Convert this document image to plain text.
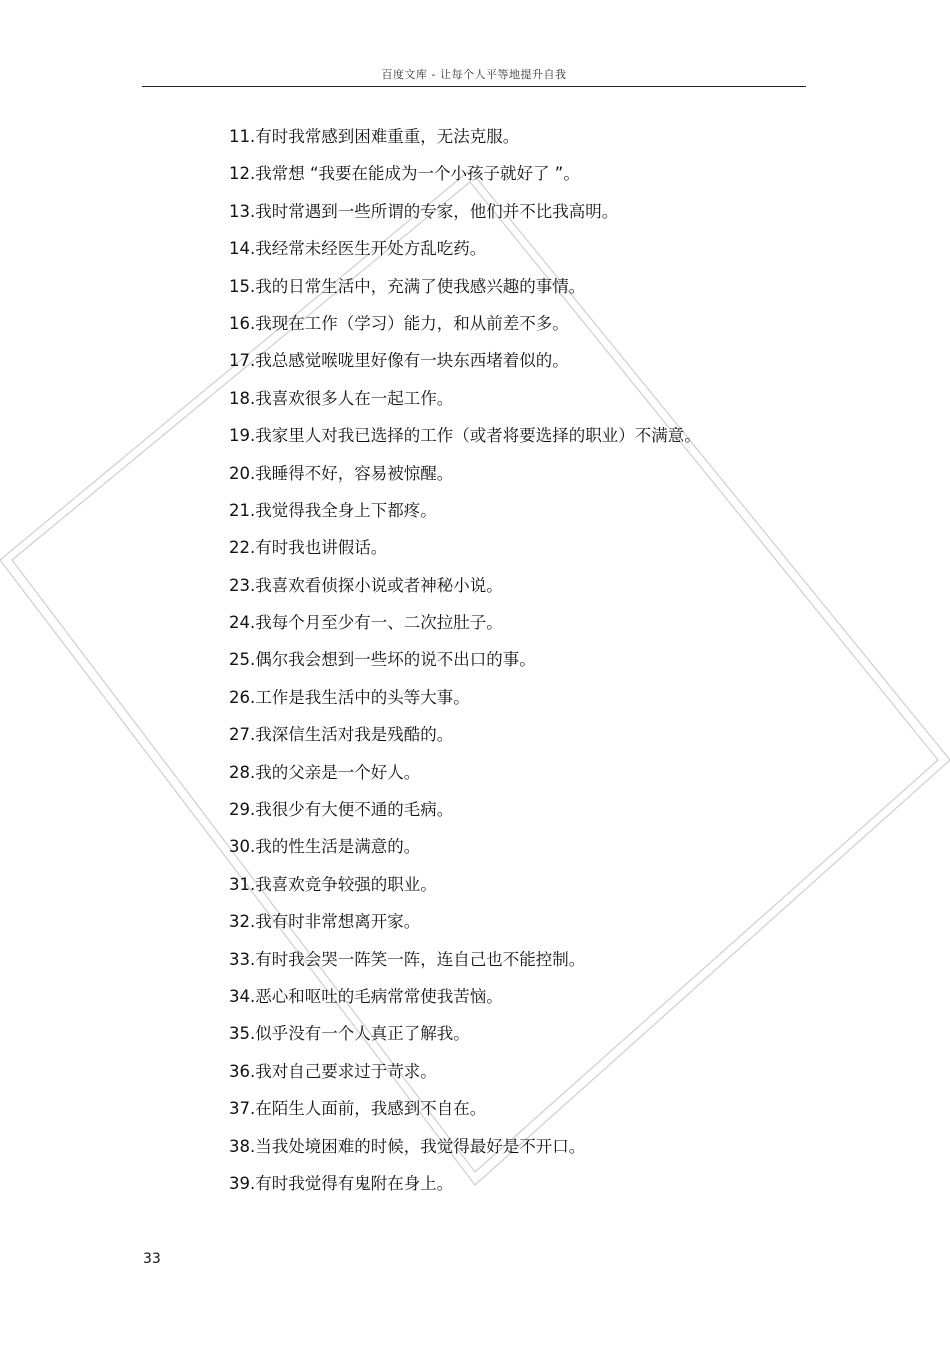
百度文库 - 让每个人平等地提升自我
11.有时我常感到困难重重，无法克服。
12.我常想 “我要在能成为一个小孩子就好了 ”。
13.我时常遇到一些所谓的专家，他们并不比我高明。
14.我经常未经医生开处方乱吃药。
15.我的日常生活中，充满了使我感兴趣的事情。
16.我现在工作（学习）能力，和从前差不多。
17.我总感觉喉咙里好像有一块东西堵着似的。
18.我喜欢很多人在一起工作。
19.我家里人对我已选择的工作（或者将要选择的职业）不满意。
20.我睡得不好，容易被惊醒。
21.我觉得我全身上下都疼。
22.有时我也讲假话。
23.我喜欢看侦探小说或者神秘小说。
24.我每个月至少有一、二次拉肚子。
25.偶尔我会想到一些坏的说不出口的事。
26.工作是我生活中的头等大事。
27.我深信生活对我是残酷的。
28.我的父亲是一个好人。
29.我很少有大便不通的毛病。
30.我的性生活是满意的。
31.我喜欢竞争较强的职业。
32.我有时非常想离开家。
33.有时我会哭一阵笑一阵，连自己也不能控制。
34.恶心和呕吐的毛病常常使我苦恼。
35.似乎没有一个人真正了解我。
36.我对自己要求过于苛求。
37.在陌生人面前，我感到不自在。
38.当我处境困难的时候，我觉得最好是不开口。
39.有时我觉得有鬼附在身上。
33
